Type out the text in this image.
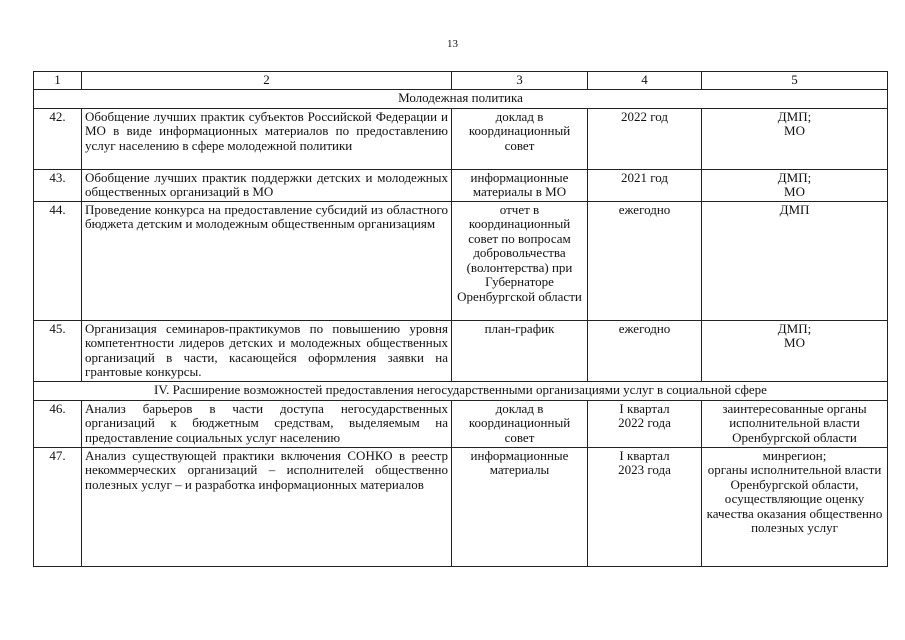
13
1	2	3	4	5
Молодежная политика				
42.	Обобщение лучших практик субъектов Российской Федерации и МО в виде информационных материалов по предоставлению услуг населению в сфере молодежной политики	доклад в координационный совет	2022 год	ДМП;
МО
43.	Обобщение лучших практик поддержки детских и молодежных общественных организаций в МО	информационные материалы в МО	2021 год	ДМП;
МО
44.	Проведение конкурса на предоставление субсидий из областного бюджета детским и молодежным общественным организациям	отчет в координационный совет по вопросам добровольчества (волонтерства) при Губернаторе Оренбургской области	ежегодно	ДМП
45.	Организация семинаров-практикумов по повышению уровня компетентности лидеров детских и молодежных общественных организаций в части, касающейся оформления заявки на грантовые конкурсы.	план-график	ежегодно	ДМП;
МО
IV. Расширение возможностей предоставления негосударственными организациями услуг в социальной сфере				
46.	Анализ барьеров в части доступа негосударственных организаций к бюджетным средствам, выделяемым на предоставление социальных услуг населению	доклад в координационный совет	I квартал
2022 года	заинтересованные органы исполнительной власти Оренбургской области
47.	Анализ существующей практики включения СОНКО в реестр некоммерческих организаций – исполнителей общественно полезных услуг – и разработка информационных материалов	информационные материалы	I квартал
2023 года	минрегион;
органы исполнительной власти Оренбургской области, осуществляющие оценку качества оказания общественно полезных услуг
